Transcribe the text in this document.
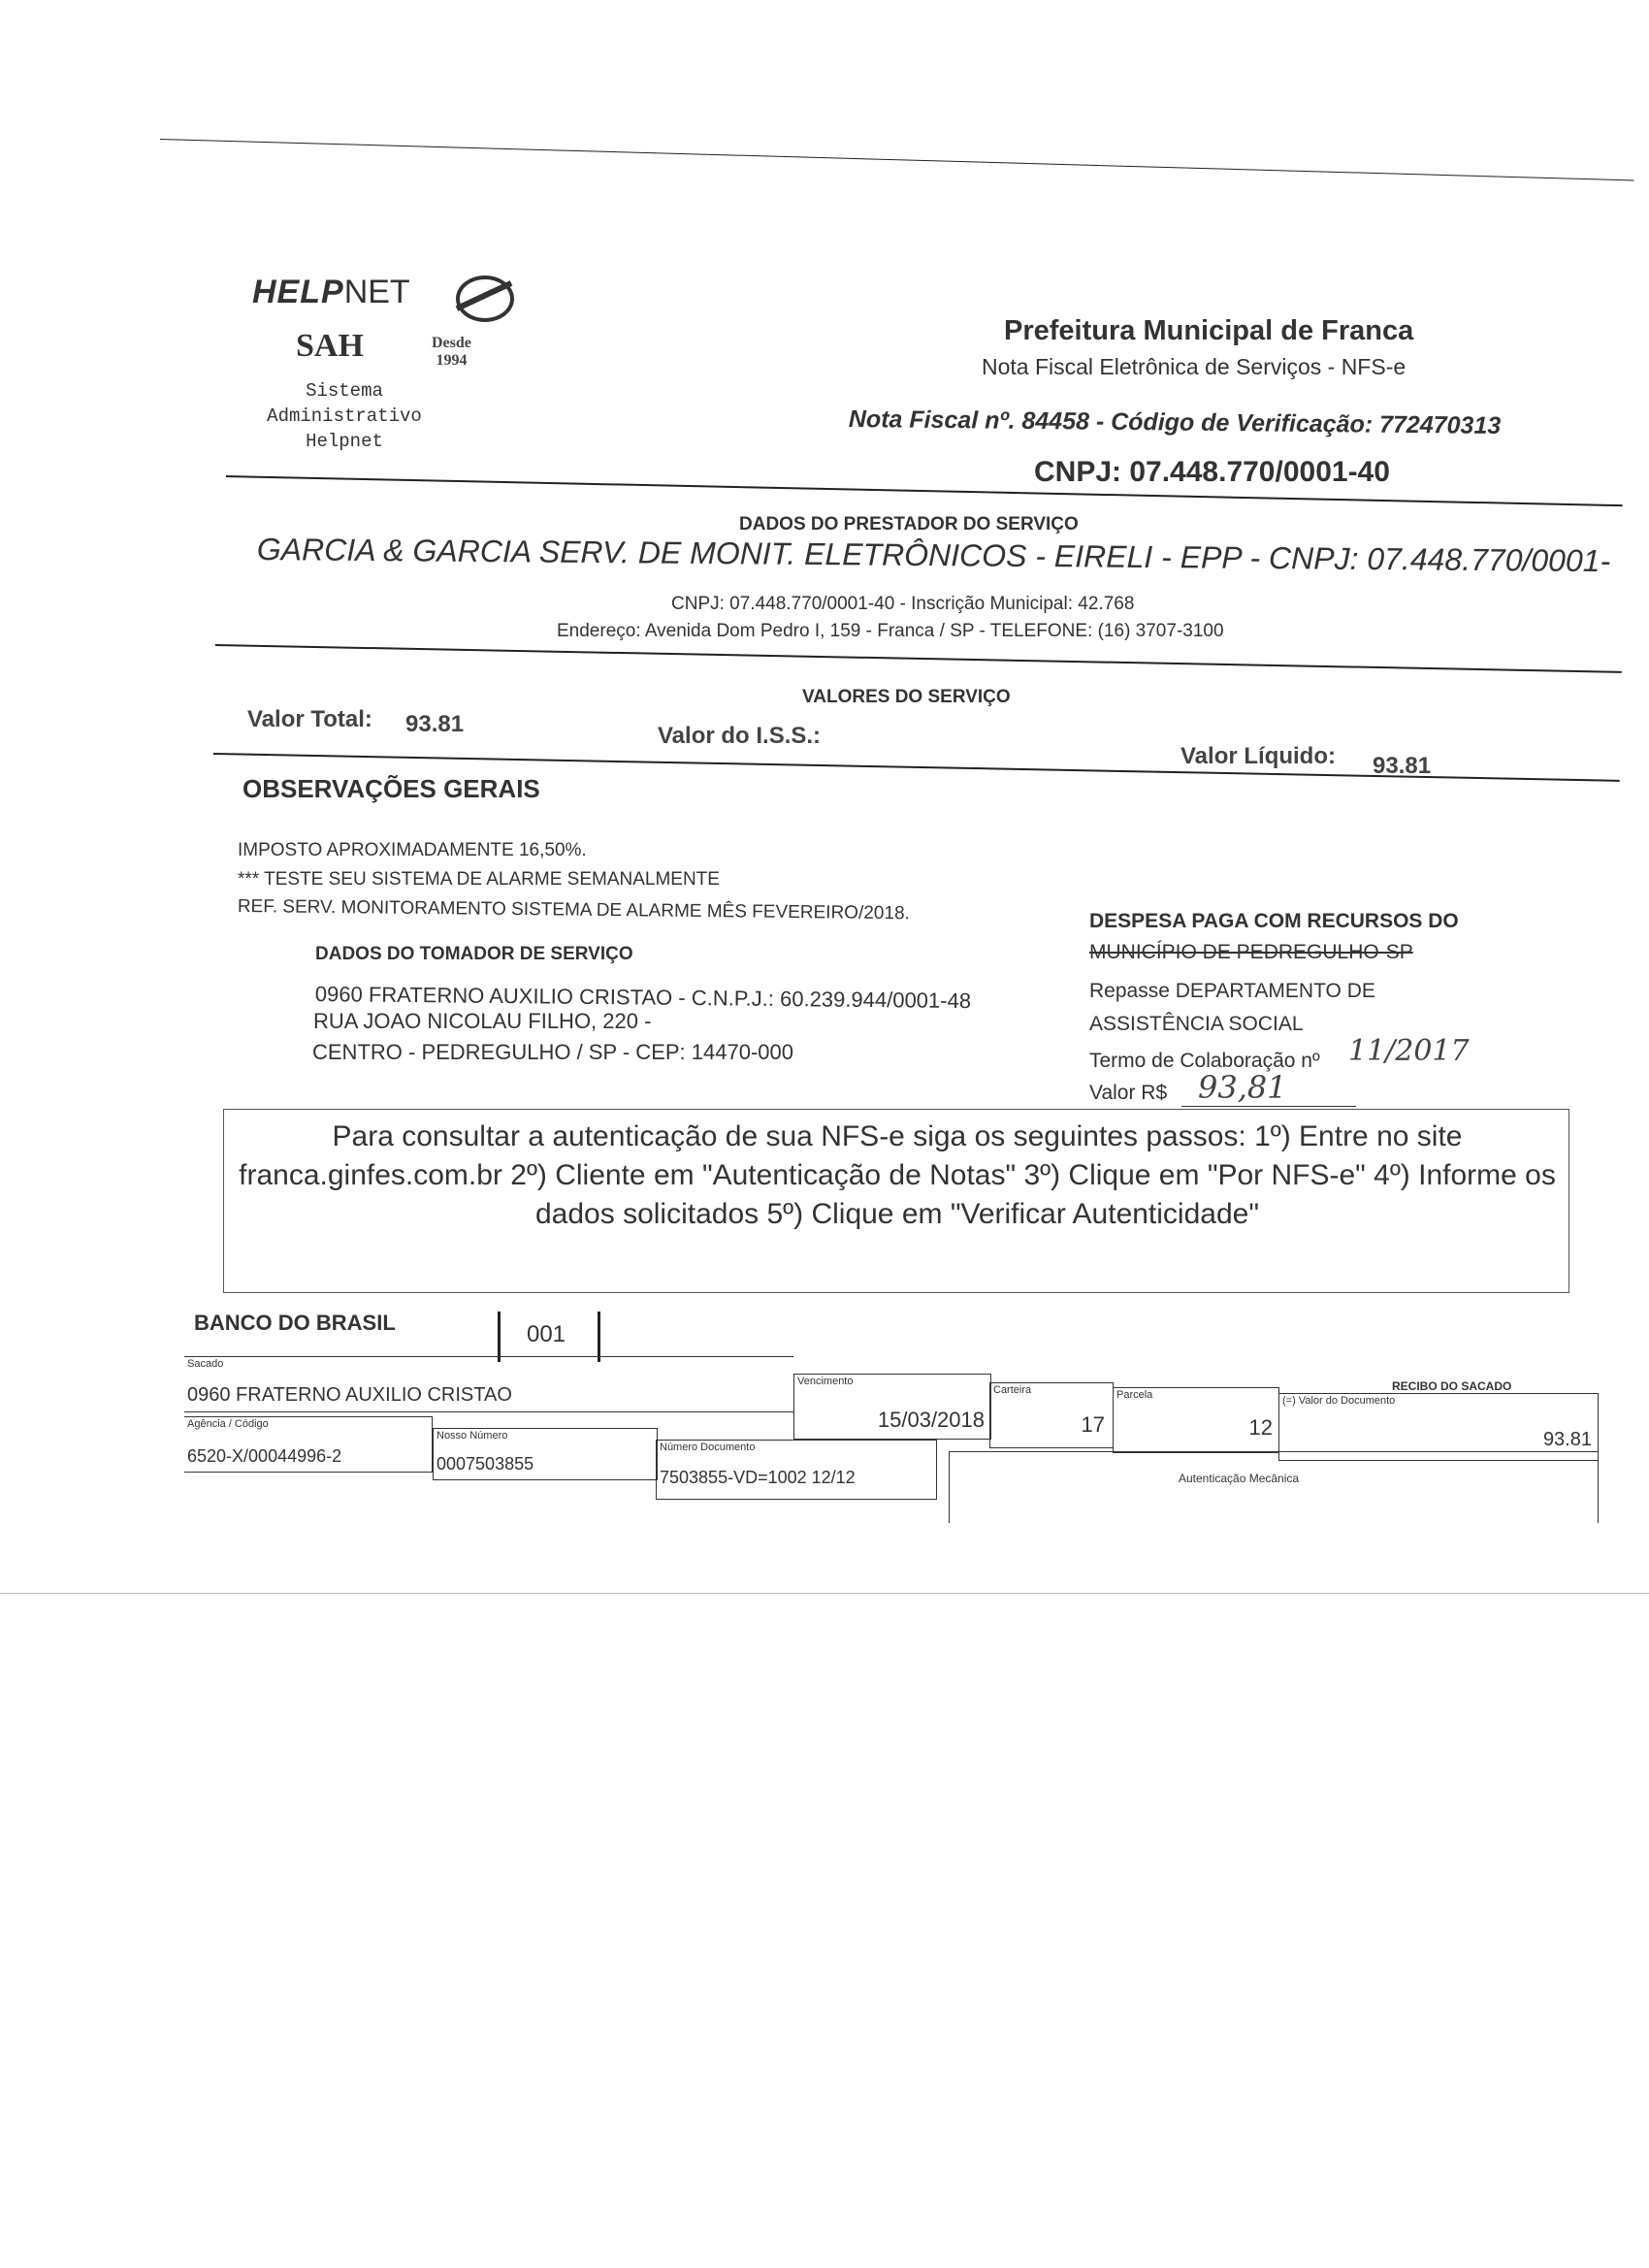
HELPNET
SAH	Desde
1994
Sistema
Administrativo
Helpnet
Prefeitura Municipal de Franca
Nota Fiscal Eletrônica de Serviços - NFS-e
Nota Fiscal nº. 84458 - Código de Verificação: 772470313
CNPJ: 07.448.770/0001-40
DADOS DO PRESTADOR DO SERVIÇO
GARCIA & GARCIA SERV. DE MONIT. ELETRÔNICOS - EIRELI - EPP - CNPJ: 07.448.770/0001-
CNPJ: 07.448.770/0001-40 - Inscrição Municipal: 42.768
Endereço: Avenida Dom Pedro I, 159 - Franca / SP - TELEFONE: (16) 3707-3100
VALORES DO SERVIÇO
Valor Total: 93.81	Valor do I.S.S.:
Valor Líquido: 93.81
OBSERVAÇÕES GERAIS
IMPOSTO APROXIMADAMENTE 16,50%.
*** TESTE SEU SISTEMA DE ALARME SEMANALMENTE
REF. SERV. MONITORAMENTO SISTEMA DE ALARME MÊS FEVEREIRO/2018.
DADOS DO TOMADOR DE SERVIÇO
0960 FRATERNO AUXILIO CRISTAO - C.N.P.J.: 60.239.944/0001-48
RUA JOAO NICOLAU FILHO, 220 -
CENTRO - PEDREGULHO / SP - CEP: 14470-000
DESPESA PAGA COM RECURSOS DO
MUNICÍPIO DE PEDREGULHO-SP
Repasse DEPARTAMENTO DE
ASSISTÊNCIA SOCIAL
Termo de Colaboração nº 11/2017
Valor R$ 93,81
Para consultar a autenticação de sua NFS-e siga os seguintes passos: 1º) Entre no site franca.ginfes.com.br 2º) Cliente em "Autenticação de Notas" 3º) Clique em "Por NFS-e" 4º) Informe os dados solicitados 5º) Clique em "Verificar Autenticidade"
BANCO DO BRASIL	001
RECIBO DO SACADO
Sacado
0960 FRATERNO AUXILIO CRISTAO
Vencimento
15/03/2018
Carteira
17
Parcela
12
(=) Valor do Documento
93.81
Agência / Código
6520-X/00044996-2
Nosso Número
0007503855
Número Documento
7503855-VD=1002 12/12	Autenticação Mecânica
